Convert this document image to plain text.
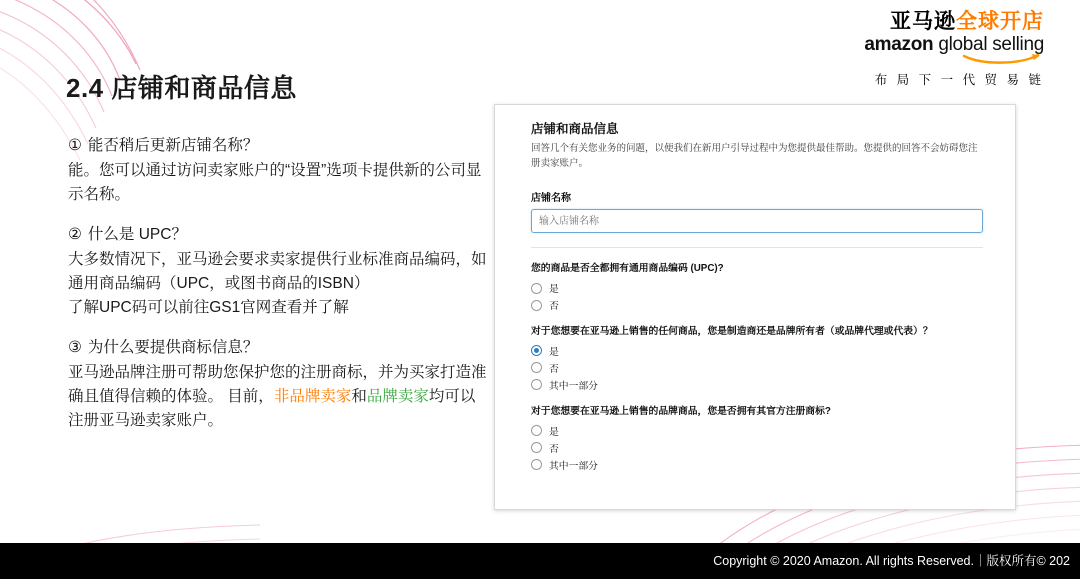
亚马逊全球开店
amazon global selling
布 局 下 一 代 贸 易 链
2.4 店铺和商品信息

① 能否稍后更新店铺名称？

能。您可以通过访问卖家账户的“设置”选项卡提供新的公司显示名称。

② 什么是 UPC？

大多数情况下，亚马逊会要求卖家提供行业标准商品编码，如通用商品编码（UPC，或图书商品的ISBN）

了解UPC码可以前往GS1官网查看并了解

③ 为什么要提供商标信息？

亚马逊品牌注册可帮助您保护您的注册商标，并为买家打造准确且值得信赖的体验。 目前，非品牌卖家和品牌卖家均可以注册亚马逊卖家账户。

店铺和商品信息
回答几个有关您业务的问题，以便我们在新用户引导过程中为您提供最佳帮助。您提供的回答不会妨碍您注册卖家账户。
店铺名称
输入店铺名称
您的商品是否全都拥有通用商品编码 (UPC)?
是
否
对于您想要在亚马逊上销售的任何商品，您是制造商还是品牌所有者（或品牌代理或代表）？
是
否
其中一部分
对于您想要在亚马逊上销售的品牌商品，您是否拥有其官方注册商标?
是
否
其中一部分
Copyright © 2020 Amazon. All rights Reserved.｜版权所有© 202
